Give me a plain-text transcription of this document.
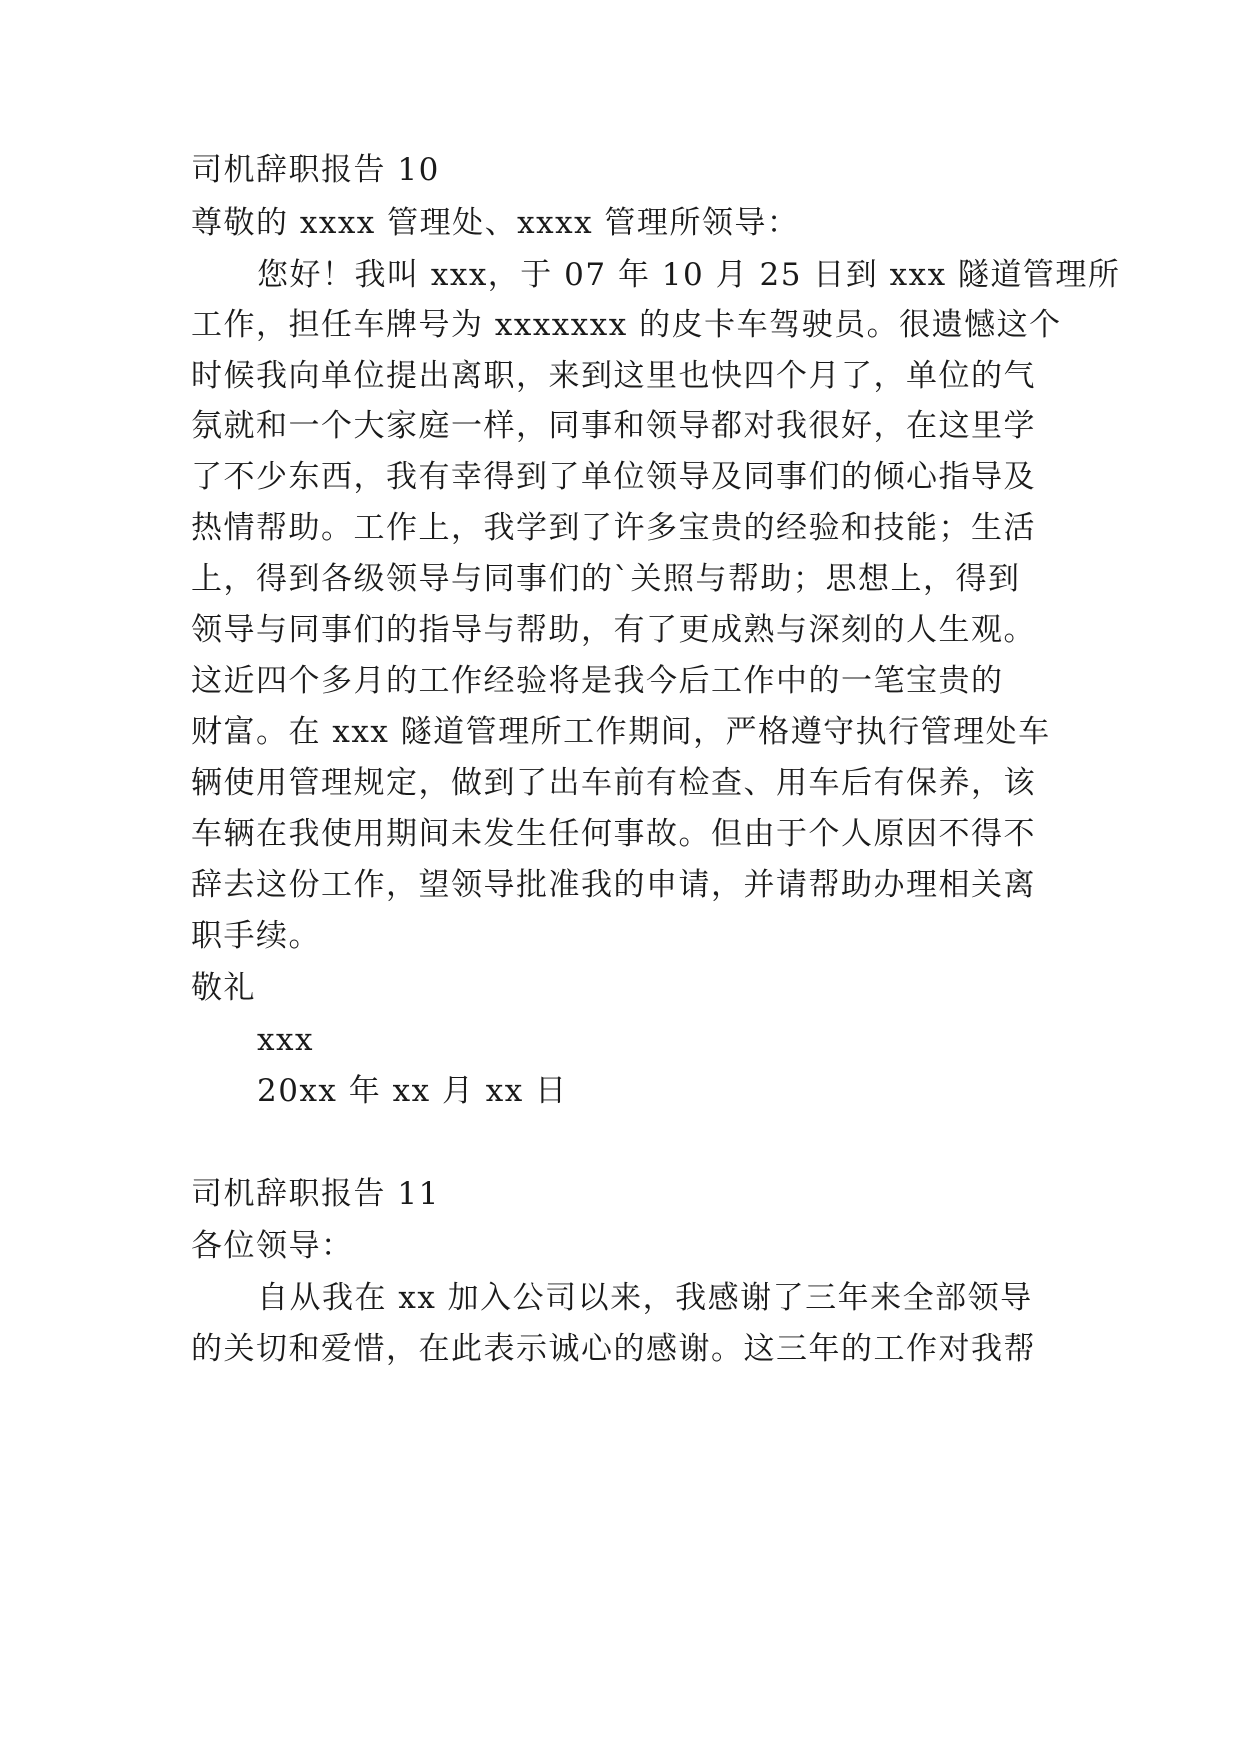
司机辞职报告 10
尊敬的 xxxx 管理处、xxxx 管理所领导：
您好！我叫 xxx，于 07 年 10 月 25 日到 xxx 隧道管理所
工作，担任车牌号为 xxxxxxx 的皮卡车驾驶员。很遗憾这个
时候我向单位提出离职，来到这里也快四个月了，单位的气
氛就和一个大家庭一样，同事和领导都对我很好，在这里学
了不少东西，我有幸得到了单位领导及同事们的倾心指导及
热情帮助。工作上，我学到了许多宝贵的经验和技能；生活
上，得到各级领导与同事们的`关照与帮助；思想上，得到
领导与同事们的指导与帮助，有了更成熟与深刻的人生观。
这近四个多月的工作经验将是我今后工作中的一笔宝贵的
财富。在 xxx 隧道管理所工作期间，严格遵守执行管理处车
辆使用管理规定，做到了出车前有检查、用车后有保养，该
车辆在我使用期间未发生任何事故。但由于个人原因不得不
辞去这份工作，望领导批准我的申请，并请帮助办理相关离
职手续。
敬礼
xxx
20xx 年 xx 月 xx 日
司机辞职报告 11
各位领导：
自从我在 xx 加入公司以来，我感谢了三年来全部领导
的关切和爱惜，在此表示诚心的感谢。这三年的工作对我帮
